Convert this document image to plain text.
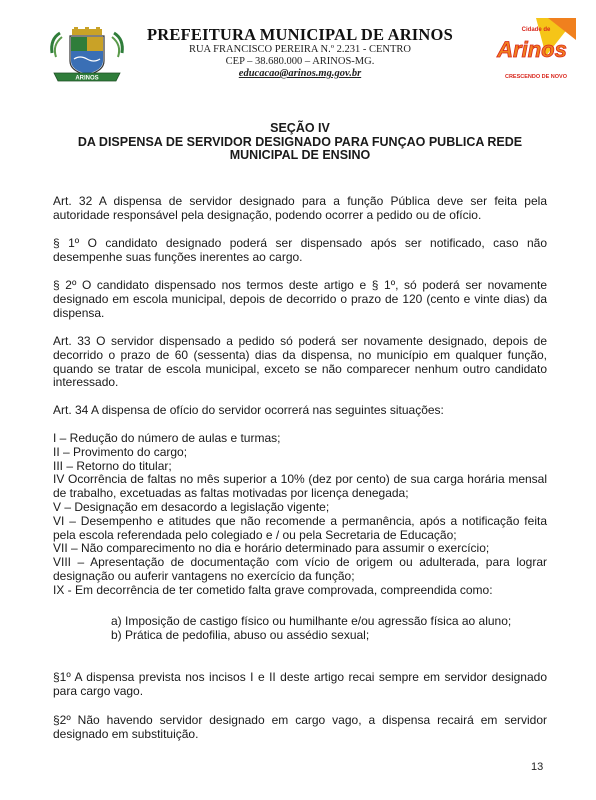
ARINOS
PREFEITURA MUNICIPAL DE ARINOS
RUA FRANCISCO PEREIRA N.º 2.231 - CENTRO
CEP – 38.680.000 – ARINOS-MG.
educacao@arinos.mg.gov.br
Cidade de
Arinos
CRESCENDO DE NOVO
SEÇÃO IV
DA DISPENSA DE SERVIDOR DESIGNADO PARA FUNÇAO PUBLICA REDE
MUNICIPAL DE ENSINO

Art. 32 A dispensa de servidor designado para a função Pública deve ser feita pela autoridade responsável pela designação, podendo ocorrer a pedido ou de ofício.

§ 1º O candidato designado poderá ser dispensado após ser notificado, caso não desempenhe suas funções inerentes ao cargo.

§ 2º O candidato dispensado nos termos deste artigo e § 1º, só poderá ser novamente designado em escola municipal, depois de decorrido o prazo de 120 (cento e vinte dias) da dispensa.

Art. 33 O servidor dispensado a pedido só poderá ser novamente designado, depois de decorrido o prazo de 60 (sessenta) dias da dispensa, no município em qualquer função, quando se tratar de escola municipal, exceto se não comparecer nenhum outro candidato interessado.

Art. 34 A dispensa de ofício do servidor ocorrerá nas seguintes situações:

I – Redução do número de aulas e turmas;
II – Provimento do cargo;
III – Retorno do titular;
IV Ocorrência de faltas no mês superior a 10% (dez por cento) de sua carga horária mensal de trabalho, excetuadas as faltas motivadas por licença denegada;
V – Designação em desacordo a legislação vigente;
VI – Desempenho e atitudes que não recomende a permanência, após a notificação feita pela escola referendada pelo colegiado e / ou pela Secretaria de Educação;
VII – Não comparecimento no dia e horário determinado para assumir o exercício;
VIII – Apresentação de documentação com vício de origem ou adulterada, para lograr designação ou auferir vantagens no exercício da função;
IX - Em decorrência de ter cometido falta grave comprovada, compreendida como:
a) Imposição de castigo físico ou humilhante e/ou agressão física ao aluno;
b) Prática de pedofilia, abuso ou assédio sexual;

§1º A dispensa prevista nos incisos I e II deste artigo recai sempre em servidor designado para cargo vago.

§2º Não havendo servidor designado em cargo vago, a dispensa recairá em servidor designado em substituição.

13
